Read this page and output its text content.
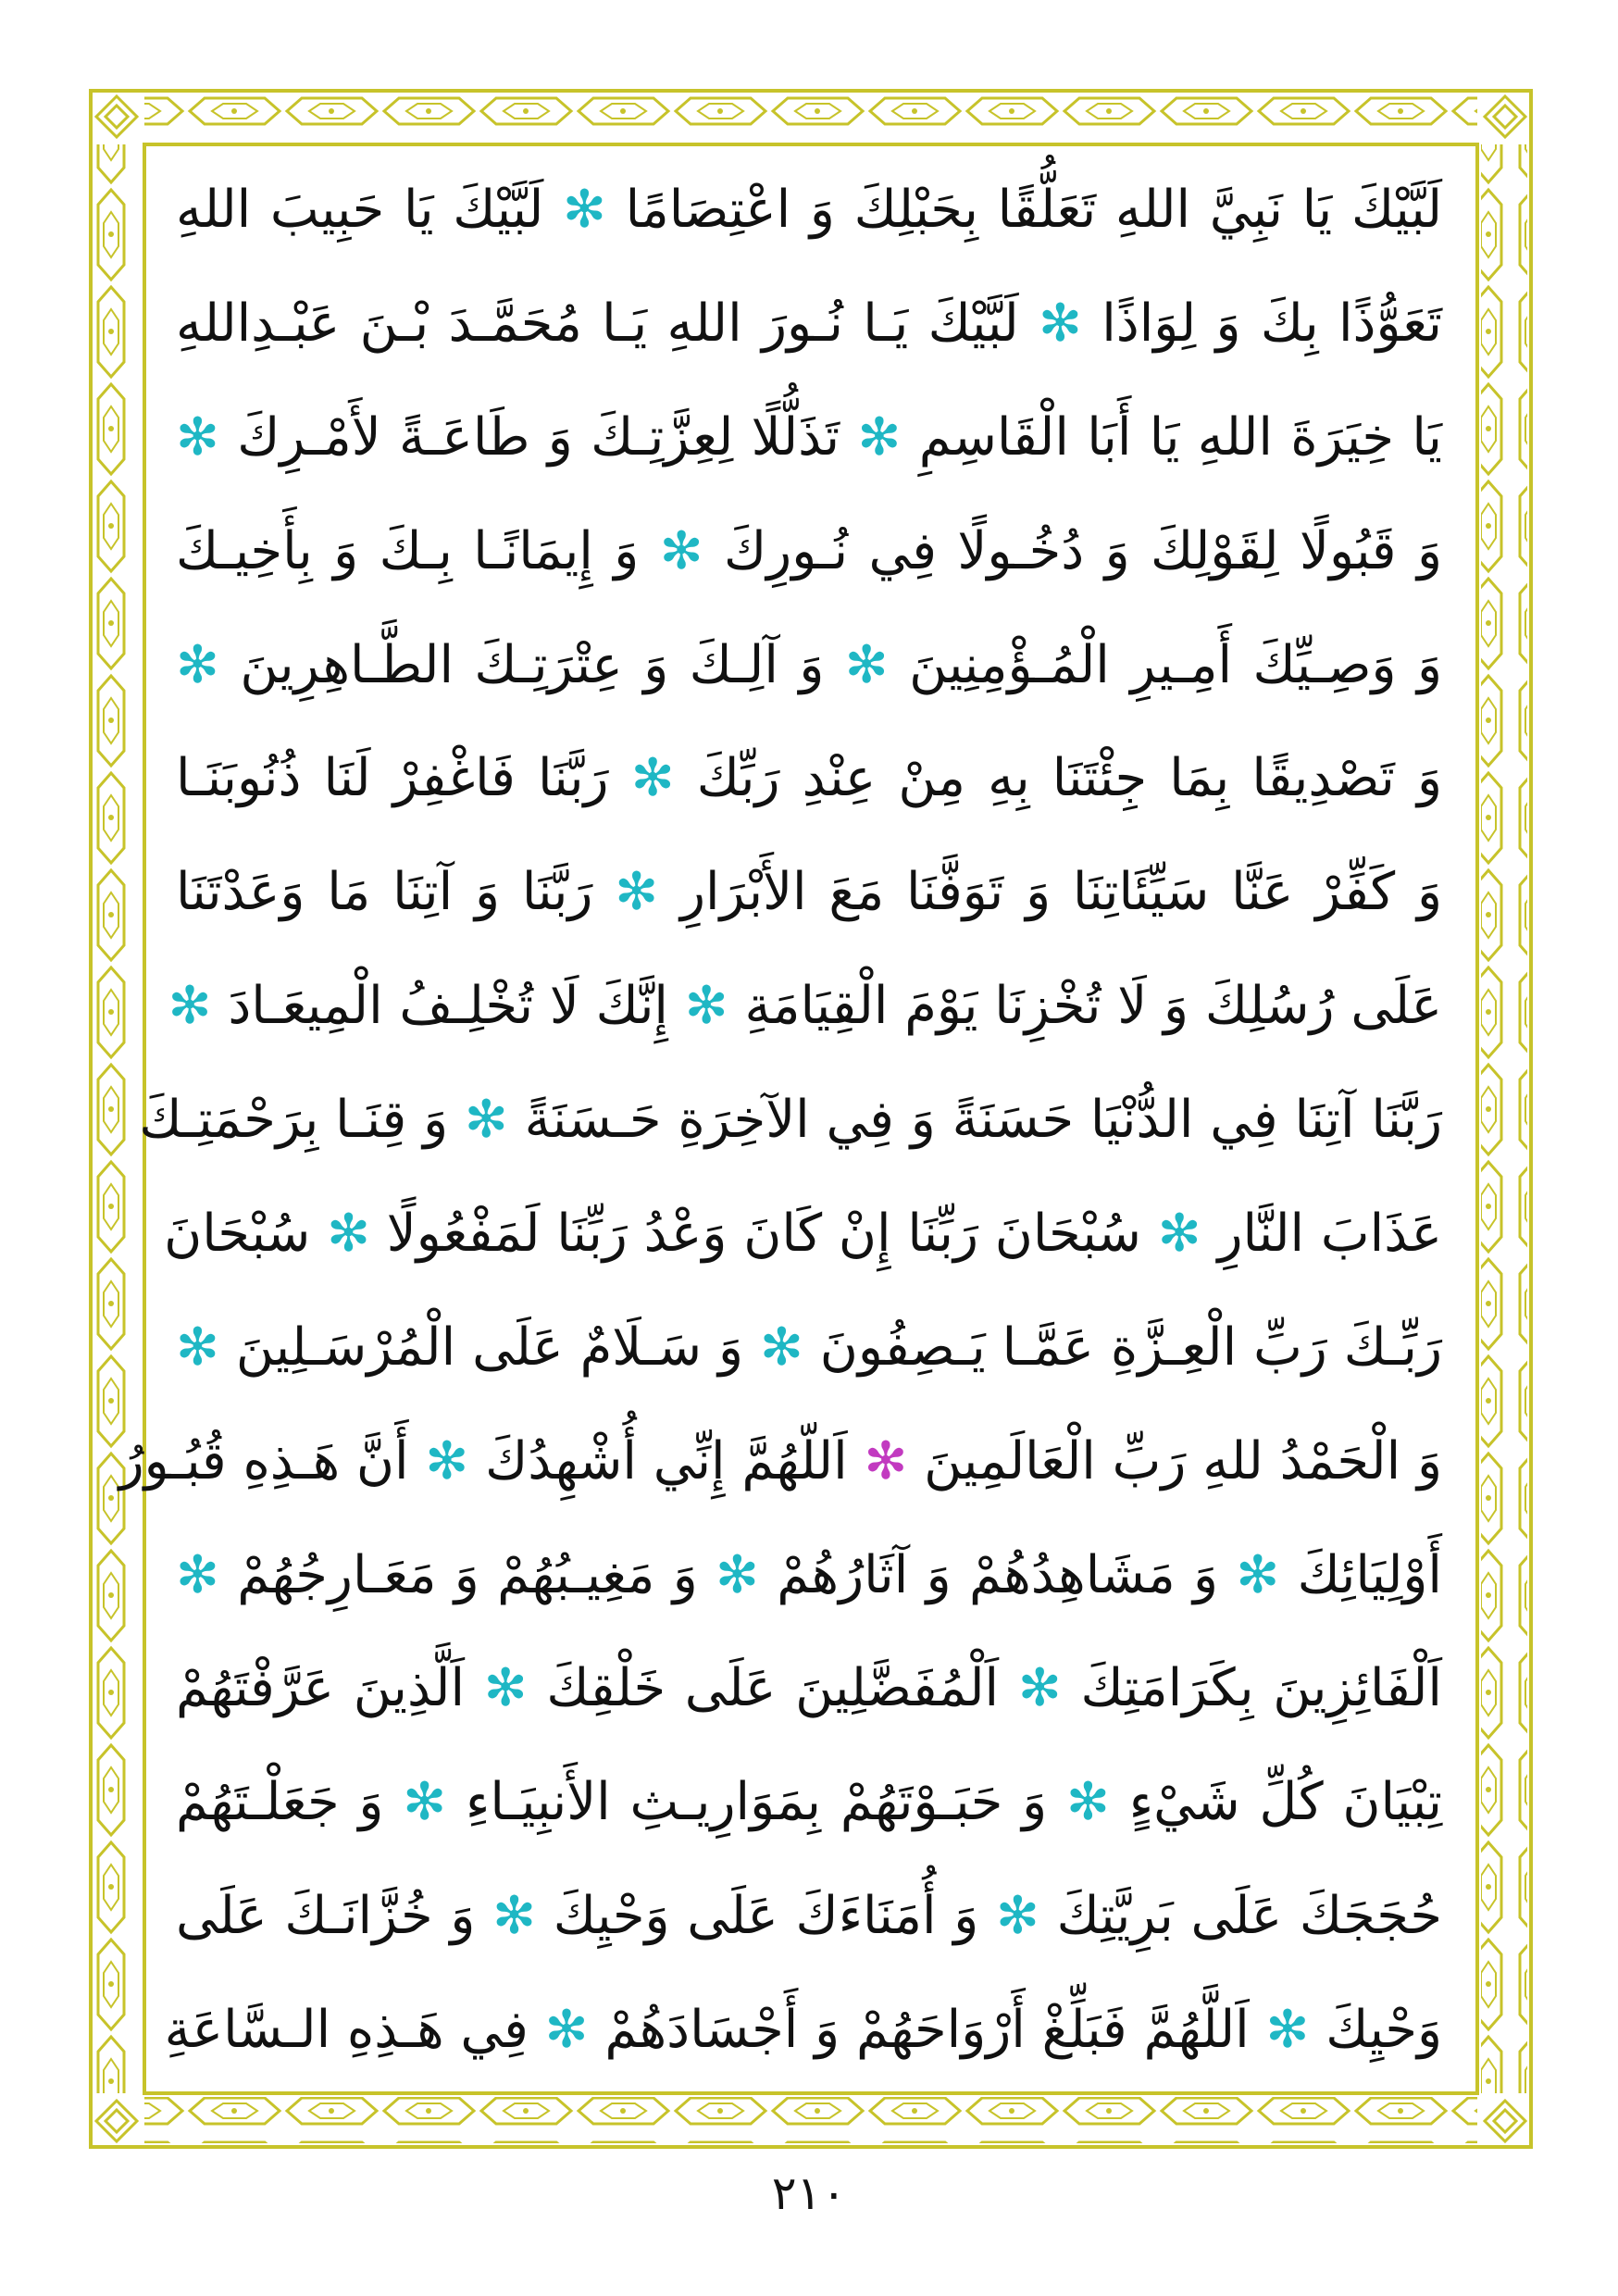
لَبَّيْكَ يَا نَبِيَّ اللهِ تَعَلُّقًا بِحَبْلِكَ وَ اعْتِصَامًا ✻ لَبَّيْكَ يَا حَبِيبَ اللهِ
تَعَوُّذًا بِكَ وَ لِوَاذًا ✻ لَبَّيْكَ يَـا نُـورَ اللهِ يَـا مُحَمَّـدَ بْـنَ عَبْـدِاللهِ
يَا خِيَرَةَ اللهِ يَا أَبَا الْقَاسِمِ ✻ تَذَلُّلًا لِعِزَّتِـكَ وَ طَاعَـةً لأَمْـرِكَ ✻
وَ قَبُولًا لِقَوْلِكَ وَ دُخُـولًا فِي نُـورِكَ ✻ وَ إِيمَانًـا بِـكَ وَ بِأَخِيـكَ
وَ وَصِـيِّكَ أَمِـيرِ الْمُـؤْمِنِينَ ✻ وَ آلِـكَ وَ عِتْرَتِـكَ الطَّـاهِرِينَ ✻
وَ تَصْدِيقًا بِمَا جِئْتَنَا بِهِ مِنْ عِنْدِ رَبِّكَ ✻ رَبَّنَا فَاغْفِرْ لَنَا ذُنُوبَنَـا
وَ كَفِّرْ عَنَّا سَيِّئَاتِنَا وَ تَوَفَّنَا مَعَ الأَبْرَارِ ✻ رَبَّنَا وَ آتِنَا مَا وَعَدْتَنَا
عَلَى رُسُلِكَ وَ لَا تُخْزِنَا يَوْمَ الْقِيَامَةِ ✻ إِنَّكَ لَا تُخْلِـفُ الْمِيعَـادَ ✻
رَبَّنَا آتِنَا فِي الدُّنْيَا حَسَنَةً وَ فِي الآخِرَةِ حَـسَنَةً ✻ وَ قِنَـا بِرَحْمَتِـكَ
عَذَابَ النَّارِ ✻ سُبْحَانَ رَبِّنَا إِنْ كَانَ وَعْدُ رَبِّنَا لَمَفْعُولًا ✻ سُبْحَانَ
رَبِّـكَ رَبِّ الْعِـزَّةِ عَمَّـا يَـصِفُونَ ✻ وَ سَـلَامٌ عَلَى الْمُرْسَـلِينَ ✻
وَ الْحَمْدُ للهِ رَبِّ الْعَالَمِينَ ✻ اَللّهُمَّ إِنِّي أُشْهِدُكَ ✻ أَنَّ هَـذِهِ قُبُـورُ
أَوْلِيَائِكَ ✻ وَ مَشَاهِدُهُمْ وَ آثَارُهُمْ ✻ وَ مَغِيـبُهُمْ وَ مَعَـارِجُهُمْ ✻
اَلْفَائِزِينَ بِكَرَامَتِكَ ✻ اَلْمُفَضَّلِينَ عَلَى خَلْقِكَ ✻ اَلَّذِينَ عَرَّفْتَهُمْ
تِبْيَانَ كُلِّ شَيْءٍ ✻ وَ حَبَـوْتَهُمْ بِمَوَارِيـثِ الأَنبِيَـاءِ ✻ وَ جَعَلْـتَهُمْ
حُجَجَكَ عَلَى بَرِيَّتِكَ ✻ وَ أُمَنَاءَكَ عَلَى وَحْيِكَ ✻ وَ خُزَّانَـكَ عَلَى
وَحْيِكَ ✻ اَللَّهُمَّ فَبَلِّغْ أَرْوَاحَهُمْ وَ أَجْسَادَهُمْ ✻ فِي هَـذِهِ الـسَّاعَةِ
٢١٠
